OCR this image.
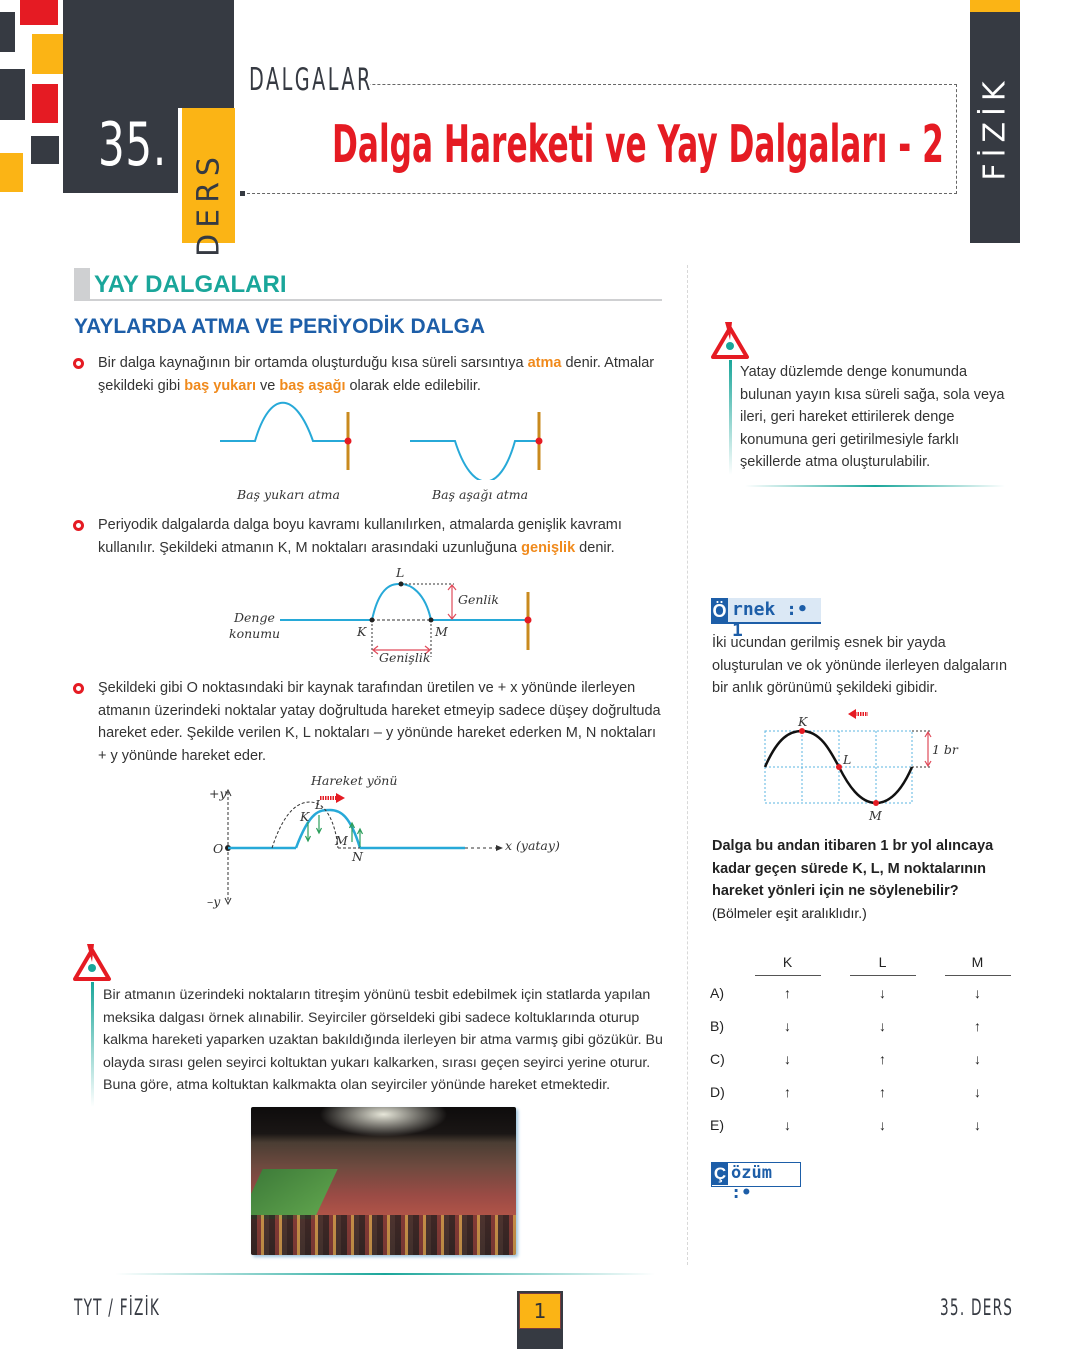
35.
DERS
DALGALAR
Dalga Hareketi ve Yay Dalgaları - 2 FİZİK
YAY DALGALARI
YAYLARDA ATMA VE PERİYODİK DALGA
Bir dalga kaynağının bir ortamda oluşturduğu kısa süreli sarsıntıya atma denir. Atmalar şekildeki gibi baş yukarı ve baş aşağı olarak elde edilebilir.
Baş yukarı atma	Baş aşağı atma
Periyodik dalgalarda dalga boyu kavramı kullanılırken, atmalarda genişlik kavramı kullanılır. Şekildeki atmanın K, M noktaları arasındaki uzunluğuna genişlik denir.
L
Genlik
Denge
konumu	K	M
Genişlik
Şekildeki gibi O noktasındaki bir kaynak tarafından üretilen ve + x yönünde ilerleyen atmanın üzerindeki noktalar yatay doğrultuda hareket etmeyip sadece düşey doğrultuda hareket eder. Şekilde verilen K, L noktaları – y yönünde hareket ederken M, N noktaları + y yönünde hareket eder.
Hareket yönü
+y
L
K
O
M
N
x (yatay)
–y
Bir atmanın üzerindeki noktaların titreşim yönünü tesbit edebilmek için statlarda yapılan meksika dalgası örnek alınabilir. Seyirciler görseldeki gibi sadece koltuklarında oturup kalkma hareketi yaparken uzaktan bakıldığında ilerleyen bir atma varmış gibi gözükür. Bu olayda sırası gelen seyirci koltuktan yukarı kalkarken, sırası geçen seyirci yerine oturur. Buna göre, atma koltuktan kalkmakta olan seyirciler yönünde hareket etmektedir.
Yatay düzlemde denge konumunda bulunan yayın kısa süreli sağa, sola veya ileri, geri hareket ettirilerek denge konumuna geri getirilmesiyle farklı şekillerde atma oluşturulabilir.
Ö rnek :• 1
İki ucundan gerilmiş esnek bir yayda oluşturulan ve ok yönünde ilerleyen dalgaların bir anlık görünümü şekildeki gibidir.
K
L
1 br
M
Dalga bu andan itibaren 1 br yol alıncaya kadar geçen sürede K, L, M noktalarının hareket yönleri için ne söylenebilir?
(Bölmeler eşit aralıklıdır.)
	K	L	M
A)	↑	↓	↓
B)	↓	↓	↑
C)	↓	↑	↓
D)	↑	↑	↓
E)	↓	↓	↓
Ç özüm :•
TYT / FİZİK	1	35. DERS
